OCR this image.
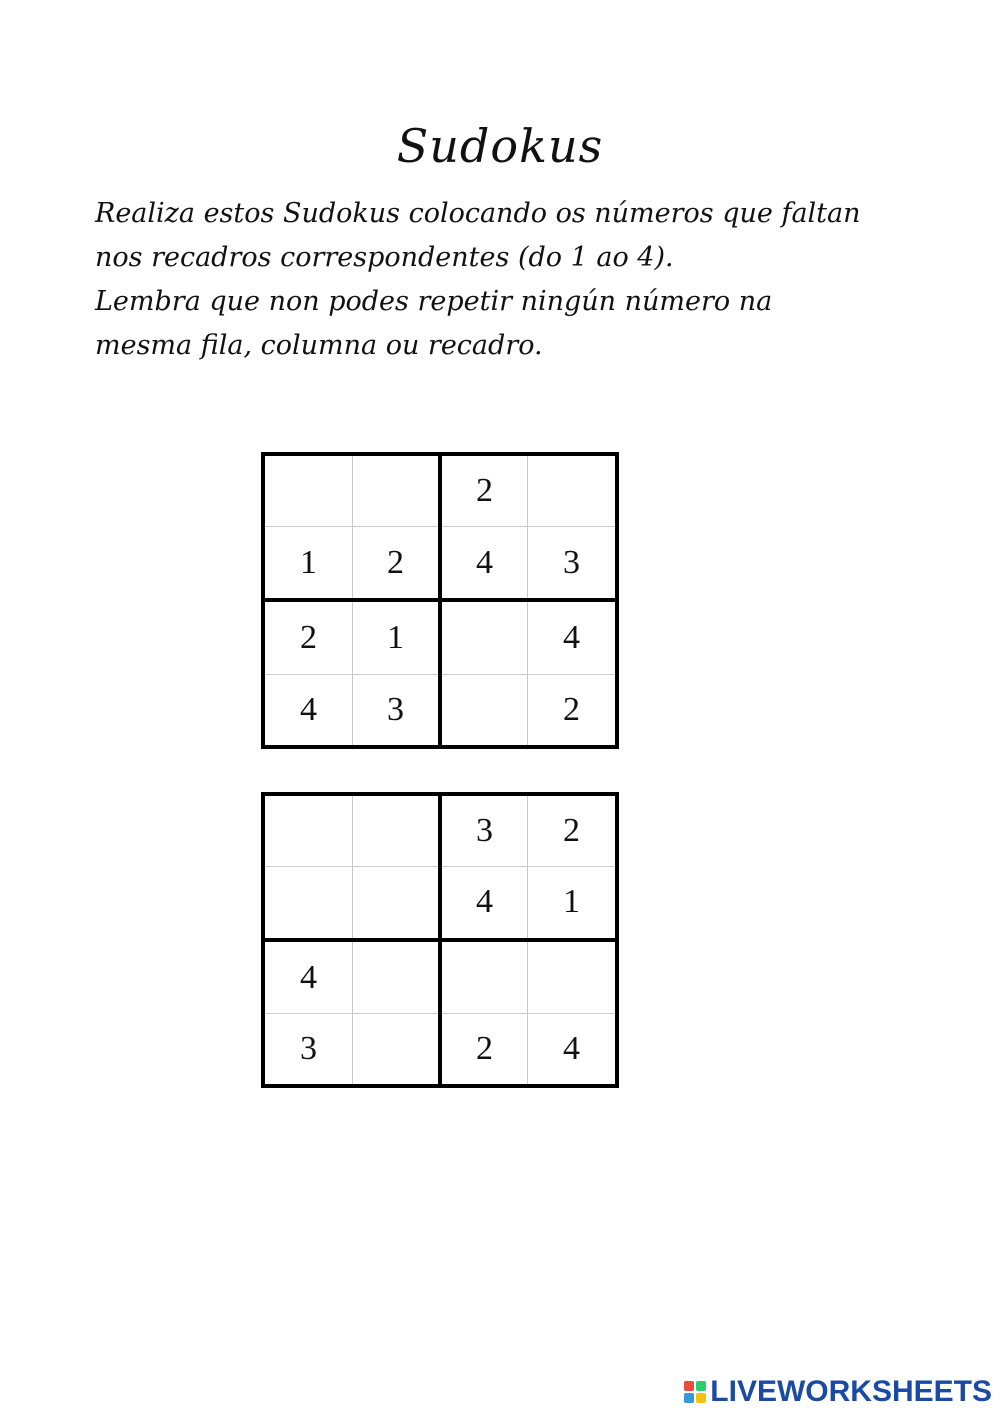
Sudokus
Realiza estos Sudokus colocando os números que faltan
nos recadros correspondentes (do 1 ao 4).
Lembra que non podes repetir ningún número na
mesma fila, columna ou recadro.
		2	
1	2	4	3
2	1		4
4	3		2
		3	2
		4	1
4			
3		2	4
LIVEWORKSHEETS
